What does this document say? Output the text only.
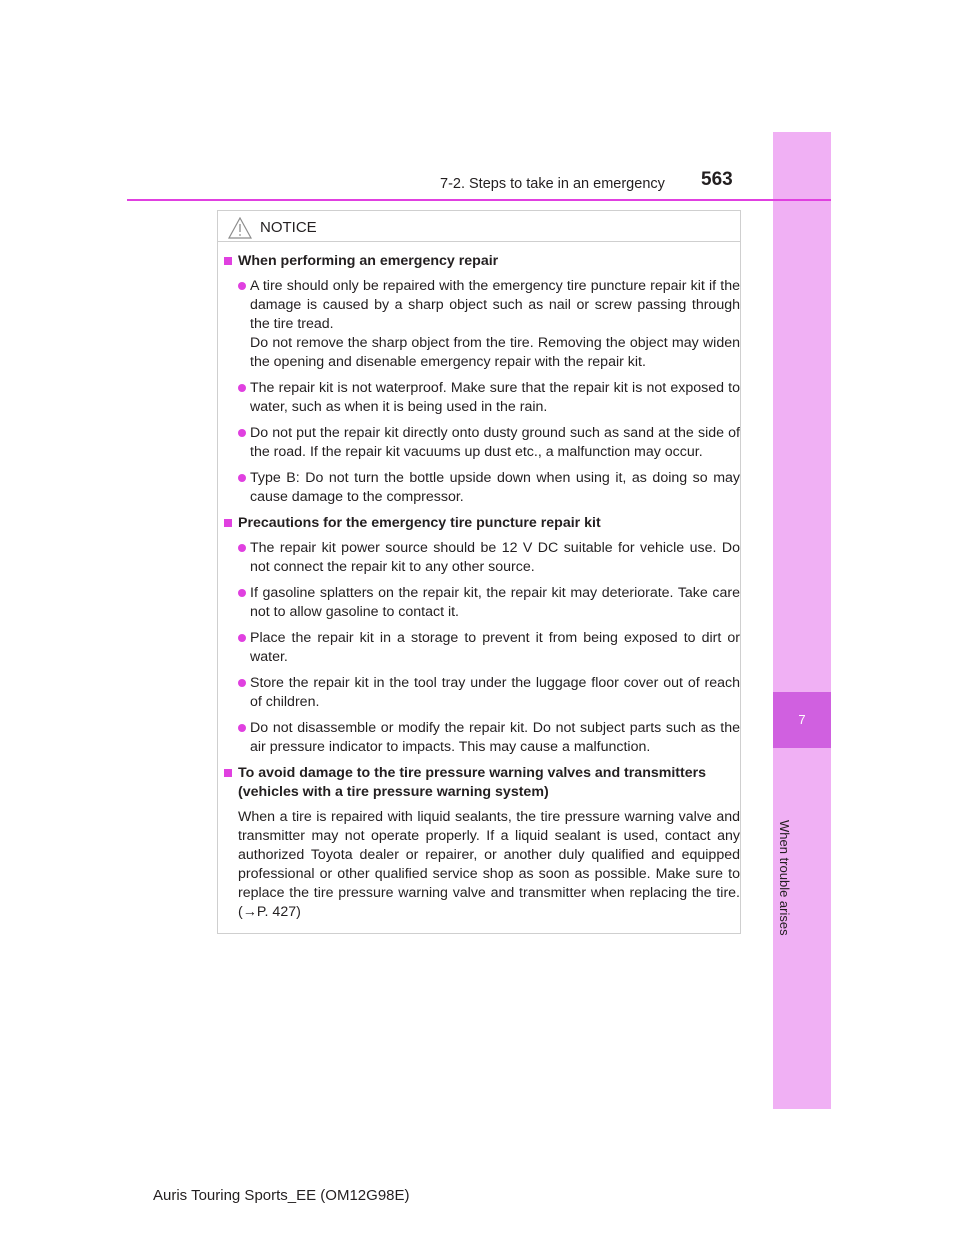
7
When trouble arises
7-2. Steps to take in an emergency 563
NOTICE
When performing an emergency repair
A tire should only be repaired with the emergency tire puncture repair kit if the damage is caused by a sharp object such as nail or screw passing through the tire tread.
Do not remove the sharp object from the tire. Removing the object may widen the opening and disenable emergency repair with the repair kit.
The repair kit is not waterproof. Make sure that the repair kit is not exposed to water, such as when it is being used in the rain.
Do not put the repair kit directly onto dusty ground such as sand at the side of the road. If the repair kit vacuums up dust etc., a malfunction may occur.
Type B: Do not turn the bottle upside down when using it, as doing so may cause damage to the compressor.
Precautions for the emergency tire puncture repair kit
The repair kit power source should be 12 V DC suitable for vehicle use. Do not connect the repair kit to any other source.
If gasoline splatters on the repair kit, the repair kit may deteriorate. Take care not to allow gasoline to contact it.
Place the repair kit in a storage to prevent it from being exposed to dirt or water.
Store the repair kit in the tool tray under the luggage floor cover out of reach of children.
Do not disassemble or modify the repair kit. Do not subject parts such as the air pressure indicator to impacts. This may cause a malfunction.
To avoid damage to the tire pressure warning valves and transmitters (vehicles with a tire pressure warning system)

When a tire is repaired with liquid sealants, the tire pressure warning valve and transmitter may not operate properly. If a liquid sealant is used, contact any authorized Toyota dealer or repairer, or another duly qualified and equipped professional or other qualified service shop as soon as possible. Make sure to replace the tire pressure warning valve and transmitter when replacing the tire. (→P. 427)

Auris Touring Sports_EE (OM12G98E)
